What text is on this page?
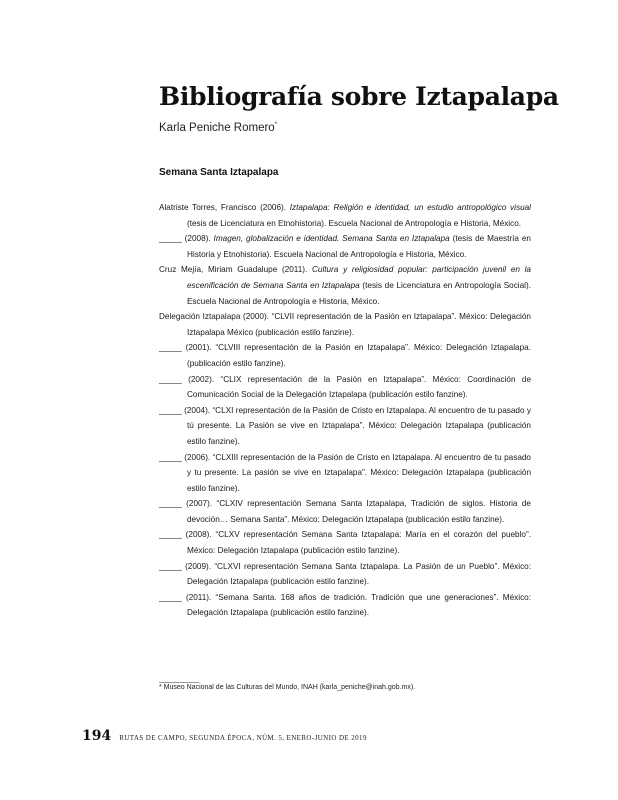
Bibliografía sobre Iztapalapa

Karla Peniche Romero*

Semana Santa Iztapalapa
Alatriste Torres, Francisco (2006). Iztapalapa: Religión e identidad, un estudio antropológico visual (tesis de Licenciatura en Etnohistoria). Escuela Nacional de Antropología e Historia, México.
_____ (2008). Imagen, globalización e identidad. Semana Santa en Iztapalapa (tesis de Maestría en Historia y Etnohistoria). Escuela Nacional de Antropología e Historia, México.
Cruz Mejía, Miriam Guadalupe (2011). Cultura y religiosidad popular: participación juvenil en la escenificación de Semana Santa en Iztapalapa (tesis de Licenciatura en Antropología Social). Escuela Nacional de Antropología e Historia, México.
Delegación Iztapalapa (2000). “CLVII representación de la Pasión en Iztapalapa”. México: Delegación Iztapalapa México (publicación estilo fanzine).
_____ (2001). “CLVIII representación de la Pasión en Iztapalapa”. México: Delegación Iztapalapa. (publicación estilo fanzine).
_____ (2002). “CLIX representación de la Pasión en Iztapalapa”. México: Coordinación de Comunicación Social de la Delegación Iztapalapa (publicación estilo fanzine).
_____ (2004). “CLXI representación de la Pasión de Cristo en Iztapalapa. Al encuentro de tu pasado y tú presente. La Pasión se vive en Iztapalapa”. México: Delegación Iztapalapa (publicación estilo fanzine).
_____ (2006). “CLXIII representación de la Pasión de Cristo en Iztapalapa. Al encuentro de tu pasado y tu presente. La pasión se vive en Iztapalapa”. México: Delegación Iztapalapa (publicación estilo fanzine).
_____ (2007). “CLXIV representación Semana Santa Iztapalapa, Tradición de siglos. Historia de devoción… Semana Santa”. México: Delegación Iztapalapa (publicación estilo fanzine).
_____ (2008). “CLXV representación Semana Santa Iztapalapa: María en el corazón del pueblo”. México: Delegación Iztapalapa (publicación estilo fanzine).
_____ (2009). “CLXVI representación Semana Santa Iztapalapa. La Pasión de un Pueblo”. México: Delegación Iztapalapa (publicación estilo fanzine).
_____ (2011). “Semana Santa. 168 años de tradición. Tradición que une generaciones”. México: Delegación Iztapalapa (publicación estilo fanzine).

* Museo Nacional de las Culturas del Mundo, INAH (karla_peniche@inah.gob.mx).

194 RUTAS DE CAMPO, SEGUNDA ÉPOCA, NÚM. 5, ENERO-JUNIO DE 2019
